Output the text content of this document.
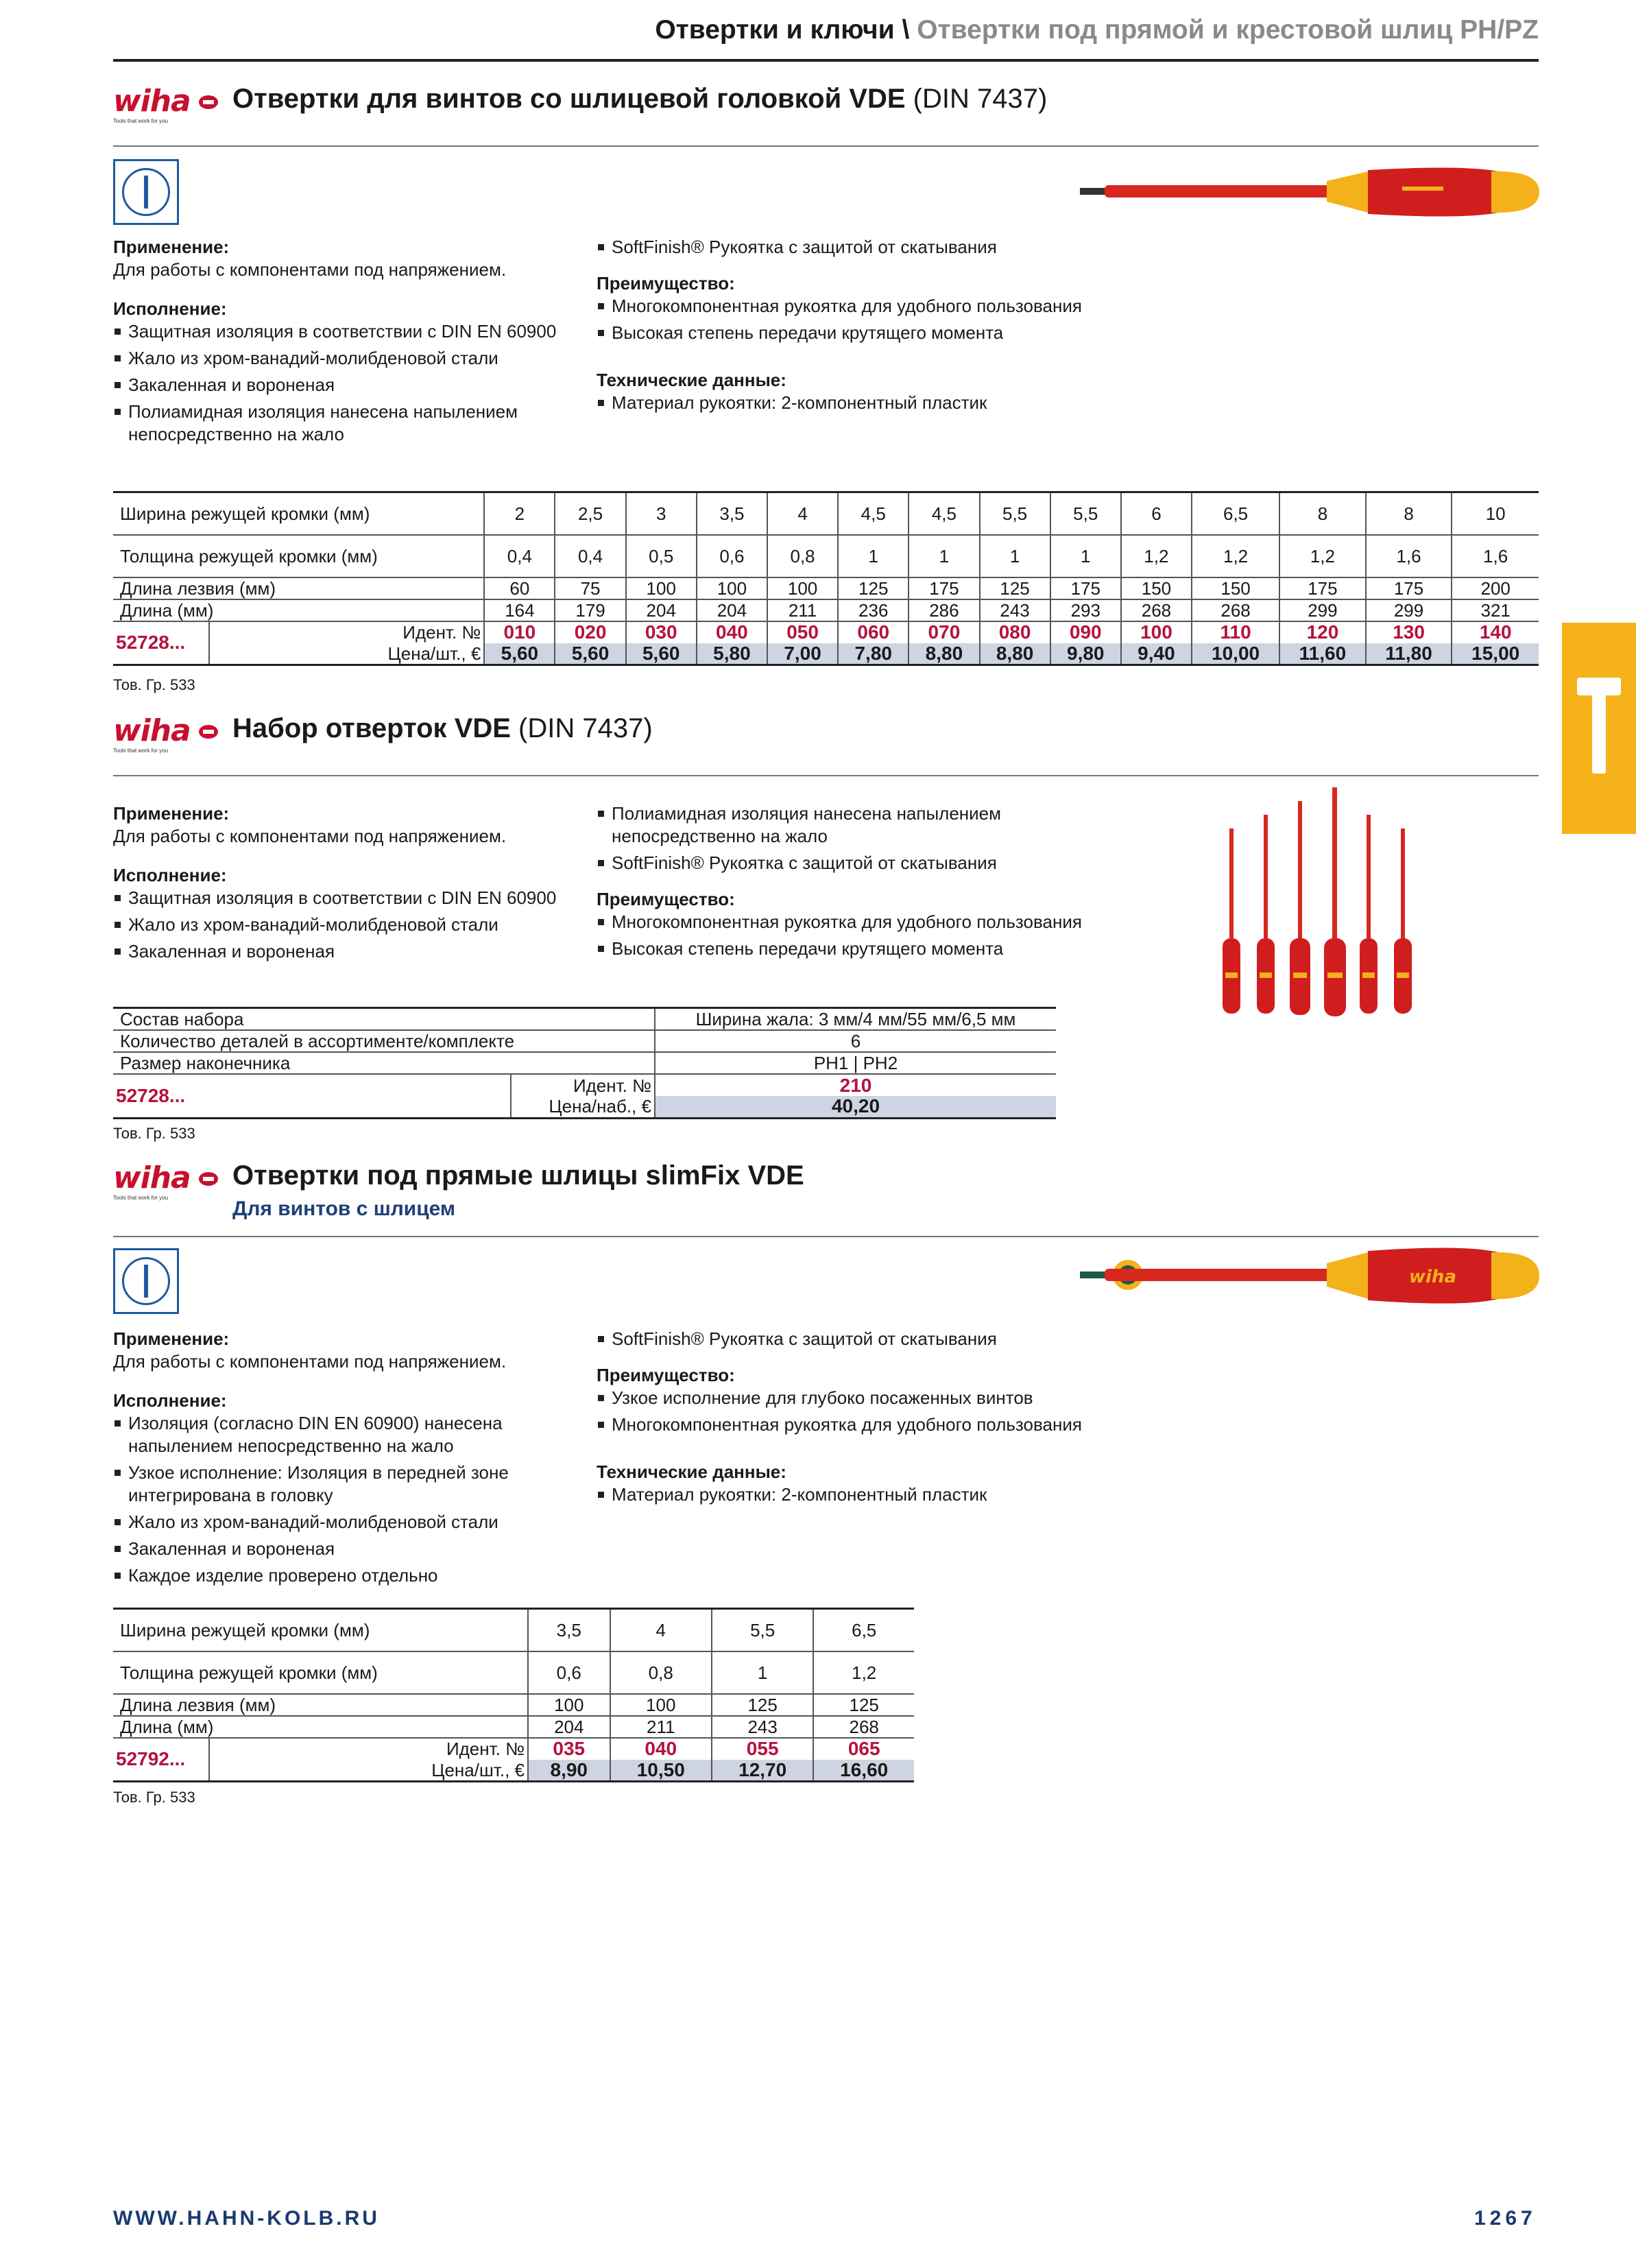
Отвертки и ключи \ Отвертки под прямой и крестовой шлиц PH/PZ
wiha
Tools that work for you
Отвертки для винтов со шлицевой головкой VDE (DIN 7437)

Применение:

Для работы с компонентами под напряжением.

Исполнение:

Защитная изоляция в соответствии с DIN EN 60900
Жало из хром-ванадий-молибденовой стали
Закаленная и вороненая
Полиамидная изоляция нанесена напылением непосредственно на жало
SoftFinish® Рукоятка с защитой от скатывания

Преимущество:

Многокомпонентная рукоятка для удобного пользования
Высокая степень передачи крутящего момента

Технические данные:

Материал рукоятки: 2-компонентный пластик
Ширина режущей кромки (мм)		2	2,5	3	3,5	4	4,5	4,5	5,5	5,5	6	6,5	8	8	10
Толщина режущей кромки (мм)		0,4	0,4	0,5	0,6	0,8	1	1	1	1	1,2	1,2	1,2	1,6	1,6
Длина лезвия (мм)		60	75	100	100	100	125	175	125	175	150	150	175	175	200
Длина (мм)		164	179	204	204	211	236	286	243	293	268	268	299	299	321
52728...	Идент. №	010	020	030	040	050	060	070	080	090	100	110	120	130	140
	Цена/шт., €	5,60	5,60	5,60	5,80	7,00	7,80	8,80	8,80	9,80	9,40	10,00	11,60	11,80	15,00
Тов. Гр. 533
wiha
Tools that work for you
Набор отверток VDE (DIN 7437)

Применение:

Для работы с компонентами под напряжением.

Исполнение:

Защитная изоляция в соответствии с DIN EN 60900
Жало из хром-ванадий-молибденовой стали
Закаленная и вороненая
Полиамидная изоляция нанесена напылением непосредственно на жало
SoftFinish® Рукоятка с защитой от скатывания

Преимущество:

Многокомпонентная рукоятка для удобного пользования
Высокая степень передачи крутящего момента
Состав набора		Ширина жала: 3 мм/4 мм/55 мм/6,5 мм
Количество деталей в ассортименте/комплекте		6
Размер наконечника		PH1 | PH2
52728...	Идент. №	210
	Цена/наб., €	40,20
Тов. Гр. 533
wiha
Tools that work for you
Отвертки под прямые шлицы slimFix VDE
Для винтов с шлицем
wiha

Применение:

Для работы с компонентами под напряжением.

Исполнение:

Изоляция (согласно DIN EN 60900) нанесена напылением непосредственно на жало
Узкое исполнение: Изоляция в передней зоне интегрирована в головку
Жало из хром-ванадий-молибденовой стали
Закаленная и вороненая
Каждое изделие проверено отдельно
SoftFinish® Рукоятка с защитой от скатывания

Преимущество:

Узкое исполнение для глубоко посаженных винтов
Многокомпонентная рукоятка для удобного пользования

Технические данные:

Материал рукоятки: 2-компонентный пластик
Ширина режущей кромки (мм)		3,5	4	5,5	6,5
Толщина режущей кромки (мм)		0,6	0,8	1	1,2
Длина лезвия (мм)		100	100	125	125
Длина (мм)		204	211	243	268
52792...	Идент. №	035	040	055	065
	Цена/шт., €	8,90	10,50	12,70	16,60
Тов. Гр. 533
WWW.HAHN-KOLB.RU	1267
